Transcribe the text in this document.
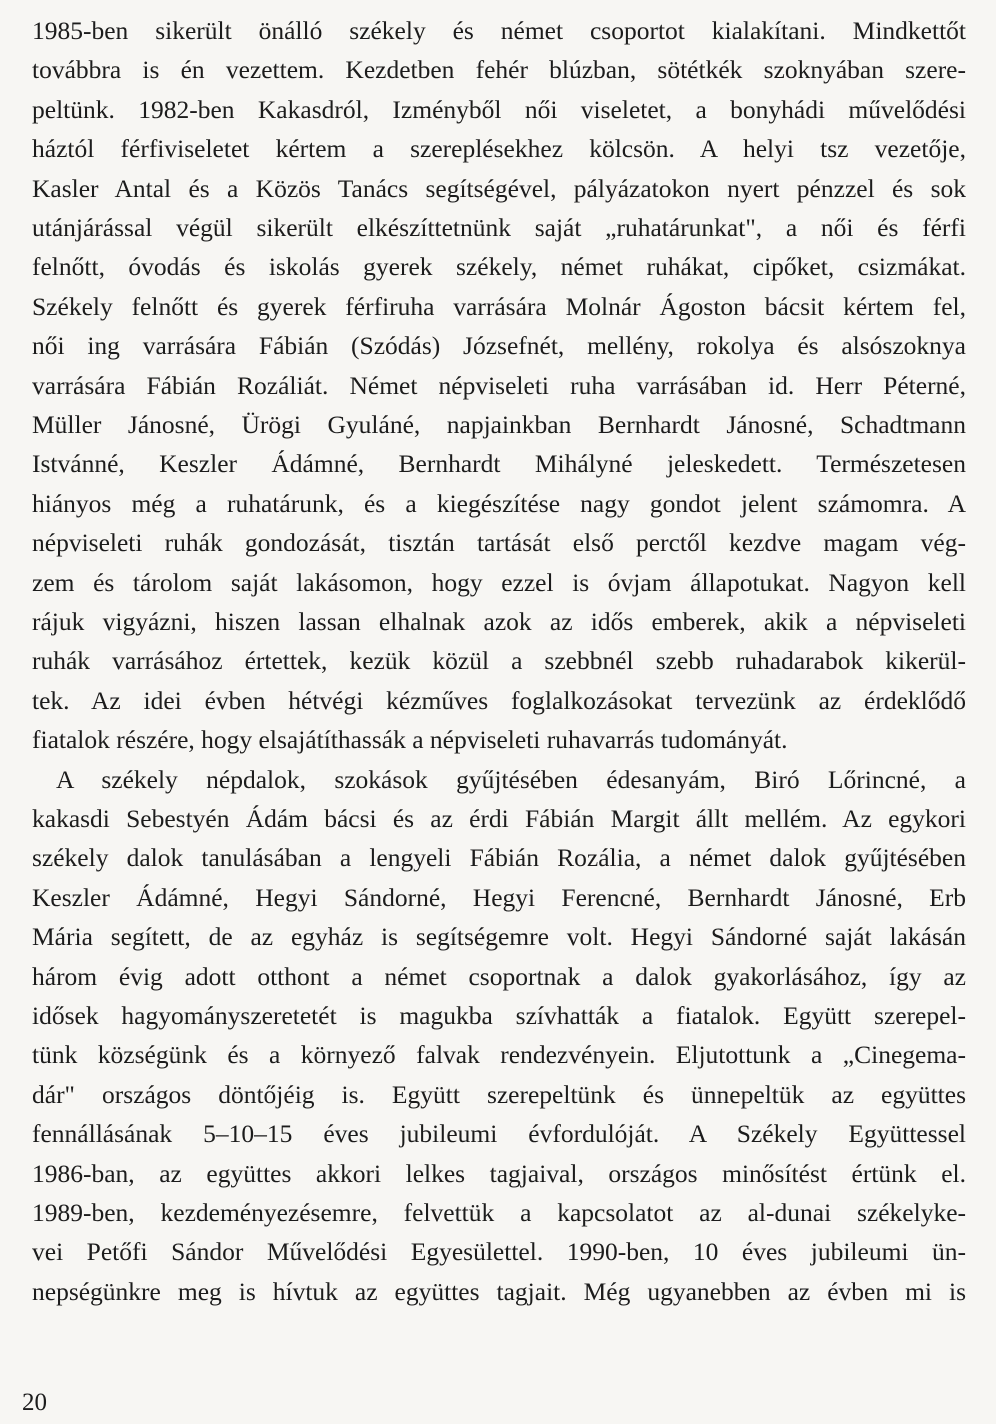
1985-ben sikerült önálló székely és német csoportot kialakítani. Mindkettőt
továbbra is én vezettem. Kezdetben fehér blúzban, sötétkék szoknyában szere-
peltünk. 1982-ben Kakasdról, Izményből női viseletet, a bonyhádi művelődési
háztól férfiviseletet kértem a szereplésekhez kölcsön. A helyi tsz vezetője,
Kasler Antal és a Közös Tanács segítségével, pályázatokon nyert pénzzel és sok
utánjárással végül sikerült elkészíttetnünk saját „ruhatárunkat", a női és férfi
felnőtt, óvodás és iskolás gyerek székely, német ruhákat, cipőket, csizmákat.
Székely felnőtt és gyerek férfiruha varrására Molnár Ágoston bácsit kértem fel,
női ing varrására Fábián (Szódás) Józsefnét, mellény, rokolya és alsószoknya
varrására Fábián Rozáliát. Német népviseleti ruha varrásában id. Herr Péterné,
Müller Jánosné, Ürögi Gyuláné, napjainkban Bernhardt Jánosné, Schadtmann
Istvánné, Keszler Ádámné, Bernhardt Mihályné jeleskedett. Természetesen
hiányos még a ruhatárunk, és a kiegészítése nagy gondot jelent számomra. A
népviseleti ruhák gondozását, tisztán tartását első perctől kezdve magam vég-
zem és tárolom saját lakásomon, hogy ezzel is óvjam állapotukat. Nagyon kell
rájuk vigyázni, hiszen lassan elhalnak azok az idős emberek, akik a népviseleti
ruhák varrásához értettek, kezük közül a szebbnél szebb ruhadarabok kikerül-
tek. Az idei évben hétvégi kézműves foglalkozásokat tervezünk az érdeklődő
fiatalok részére, hogy elsajátíthassák a népviseleti ruhavarrás tudományát.
A székely népdalok, szokások gyűjtésében édesanyám, Biró Lőrincné, a
kakasdi Sebestyén Ádám bácsi és az érdi Fábián Margit állt mellém. Az egykori
székely dalok tanulásában a lengyeli Fábián Rozália, a német dalok gyűjtésében
Keszler Ádámné, Hegyi Sándorné, Hegyi Ferencné, Bernhardt Jánosné, Erb
Mária segített, de az egyház is segítségemre volt. Hegyi Sándorné saját lakásán
három évig adott otthont a német csoportnak a dalok gyakorlásához, így az
idősek hagyományszeretetét is magukba szívhatták a fiatalok. Együtt szerepel-
tünk községünk és a környező falvak rendezvényein. Eljutottunk a „Cinegema-
dár" országos döntőjéig is. Együtt szerepeltünk és ünnepeltük az együttes
fennállásának 5–10–15 éves jubileumi évfordulóját. A Székely Együttessel
1986-ban, az együttes akkori lelkes tagjaival, országos minősítést értünk el.
1989-ben, kezdeményezésemre, felvettük a kapcsolatot az al-dunai székelyke-
vei Petőfi Sándor Művelődési Egyesülettel. 1990-ben, 10 éves jubileumi ün-
nepségünkre meg is hívtuk az együttes tagjait. Még ugyanebben az évben mi is
20
